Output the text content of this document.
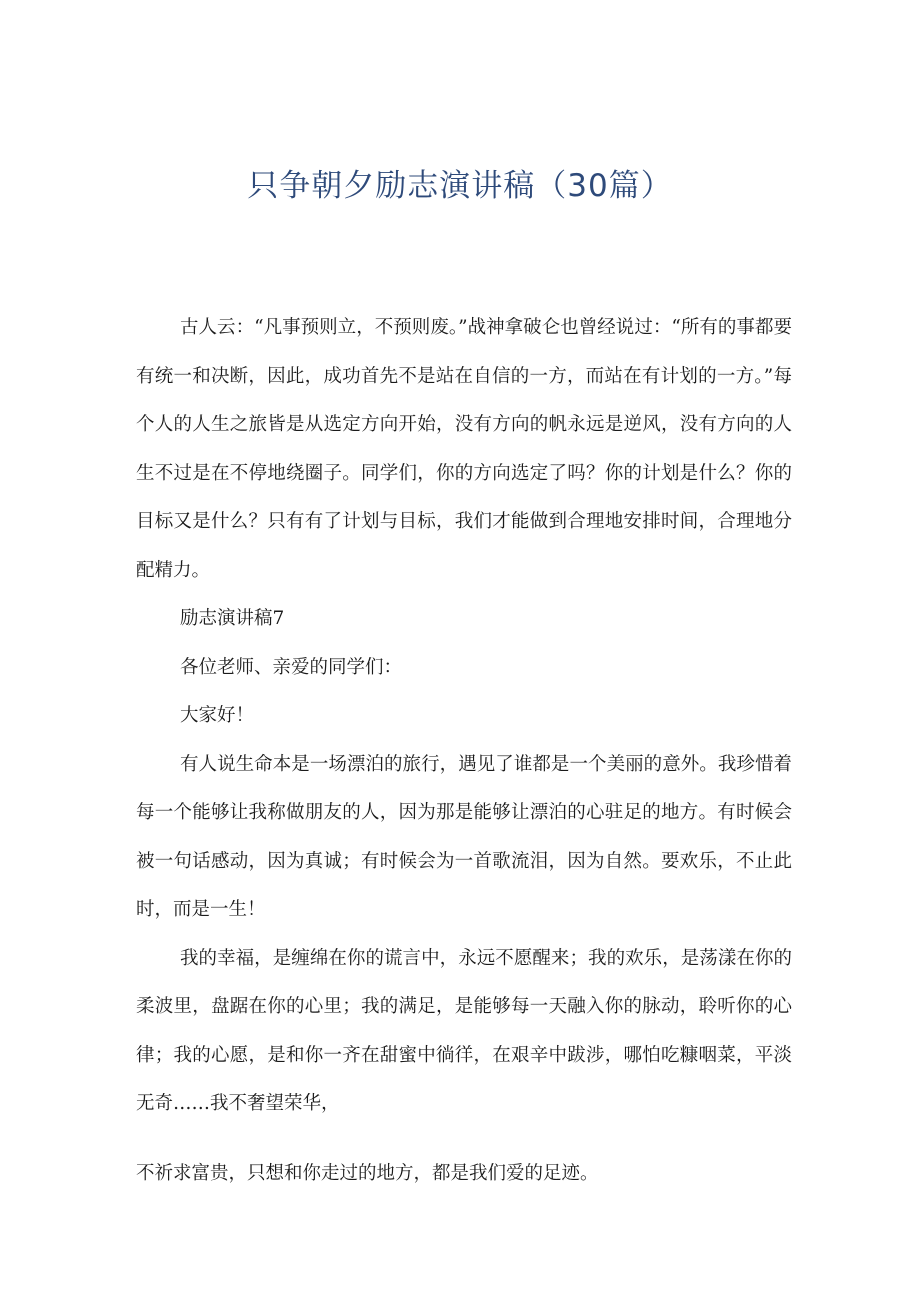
只争朝夕励志演讲稿（30篇）

古人云：“凡事预则立，不预则废。”战神拿破仑也曾经说过：“所有的事都要有统一和决断，因此，成功首先不是站在自信的一方，而站在有计划的一方。”每个人的人生之旅皆是从选定方向开始，没有方向的帆永远是逆风，没有方向的人生不过是在不停地绕圈子。同学们，你的方向选定了吗？你的计划是什么？你的目标又是什么？只有有了计划与目标，我们才能做到合理地安排时间，合理地分配精力。

励志演讲稿7

各位老师、亲爱的同学们：

大家好！

有人说生命本是一场漂泊的旅行，遇见了谁都是一个美丽的意外。我珍惜着每一个能够让我称做朋友的人，因为那是能够让漂泊的心驻足的地方。有时候会被一句话感动，因为真诚；有时候会为一首歌流泪，因为自然。要欢乐，不止此时，而是一生！

我的幸福，是缠绵在你的谎言中，永远不愿醒来；我的欢乐，是荡漾在你的柔波里，盘踞在你的心里；我的满足，是能够每一天融入你的脉动，聆听你的心律；我的心愿，是和你一齐在甜蜜中徜徉，在艰辛中跋涉，哪怕吃糠咽菜，平淡无奇……我不奢望荣华，

不祈求富贵，只想和你走过的地方，都是我们爱的足迹。
